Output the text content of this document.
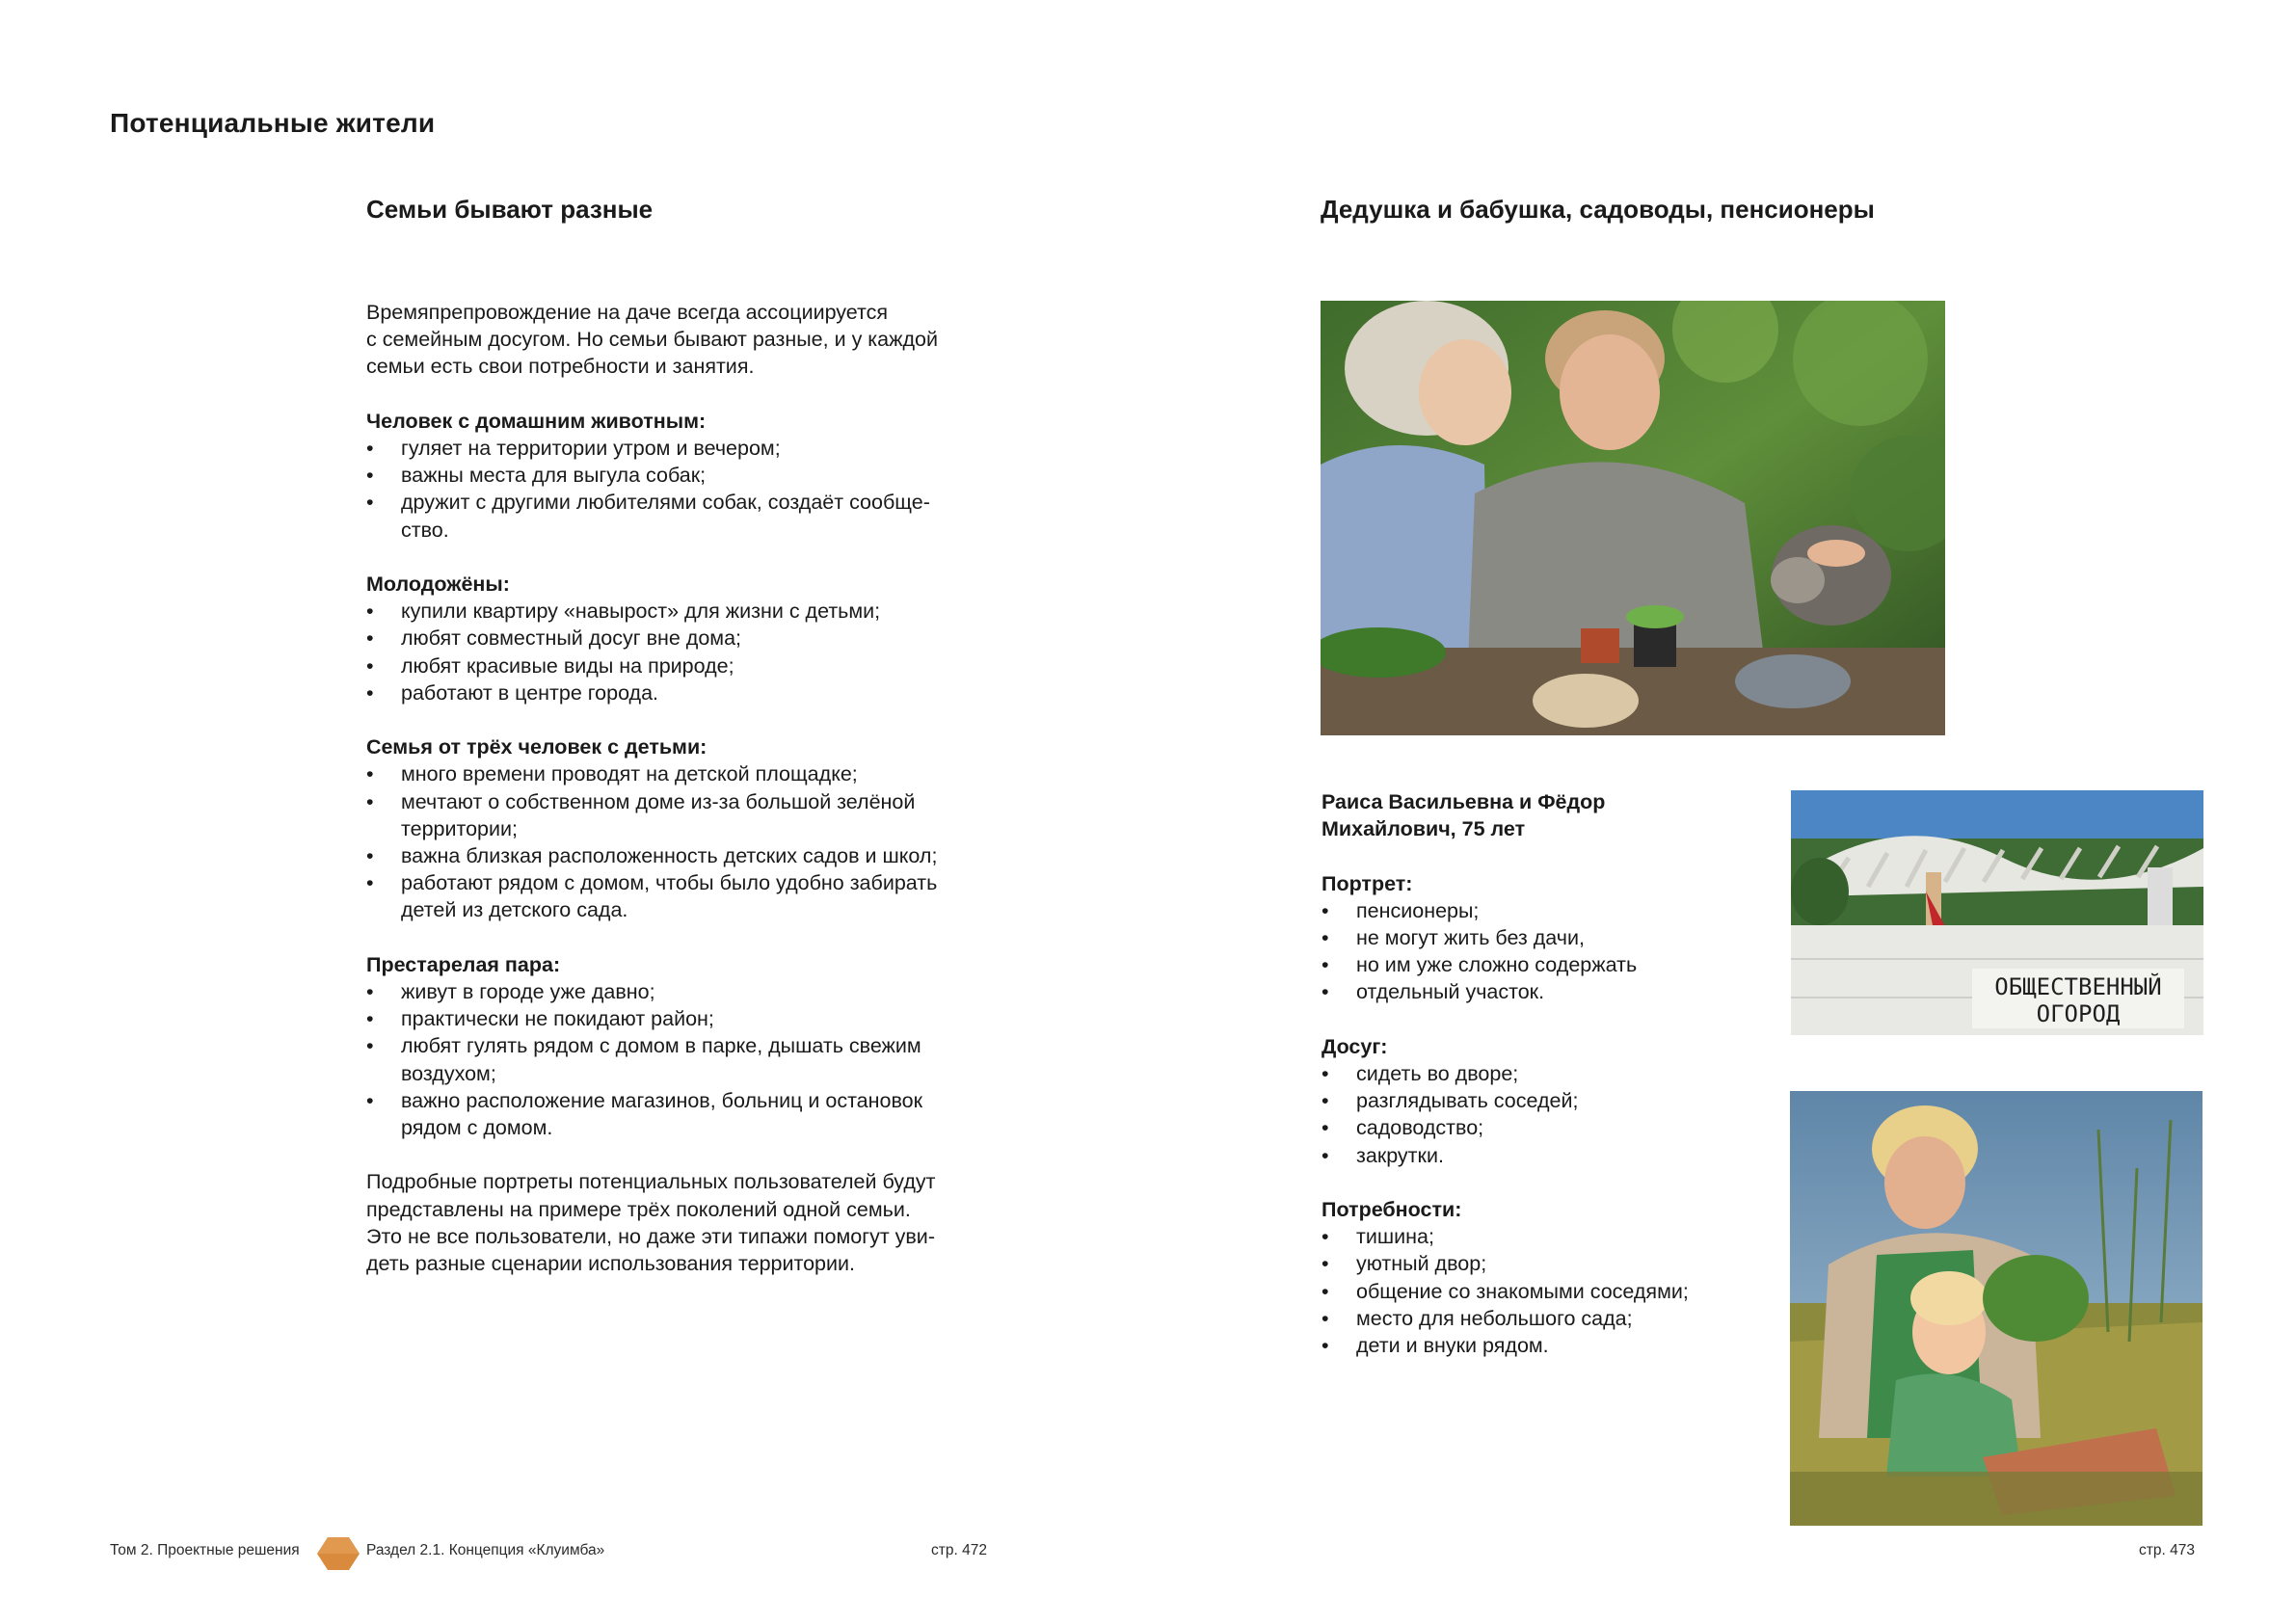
Потенциальные жители
Семьи бывают разные

Времяпрепровождение на даче всегда ассоциируется

с семейным досугом. Но семьи бывают разные, и у каждой

семьи есть свои потребности и занятия.

Человек с домашним животным:

• гуляет на территории утром и вечером;
• важны места для выгула собак;
• дружит с другими любителями собак, создаёт сообще-
ство.

Молодожёны:

• купили квартиру «навырост» для жизни с детьми;
• любят совместный досуг вне дома;
• любят красивые виды на природе;
• работают в центре города.

Семья от трёх человек с детьми:

• много времени проводят на детской площадке;
• мечтают о собственном доме из-за большой зелёной
территории;
• важна близкая расположенность детских садов и школ;
• работают рядом с домом, чтобы было удобно забирать
детей из детского сада.

Престарелая пара:

• живут в городе уже давно;
• практически не покидают район;
• любят гулять рядом с домом в парке, дышать свежим
воздухом;
• важно расположение магазинов, больниц и остановок
рядом с домом.

Подробные портреты потенциальных пользователей будут

представлены на примере трёх поколений одной семьи.

Это не все пользователи, но даже эти типажи помогут уви-

деть разные сценарии использования территории.

Дедушка и бабушка, садоводы, пенсионеры

Раиса Васильевна и Фёдор

Михайлович, 75 лет

Портрет:

• пенсионеры;
• не могут жить без дачи,
• но им уже сложно содержать
• отдельный участок.

Досуг:

• сидеть во дворе;
• разглядывать соседей;
• садоводство;
• закрутки.

Потребности:

• тишина;
• уютный двор;
• общение со знакомыми соседями;
• место для небольшого сада;
• дети и внуки рядом.
ОБЩЕСТВЕННЫЙ
ОГОРОД
Том 2. Проектные решения	Раздел 2.1. Концепция «Клуимба»	стр. 472	стр. 473
